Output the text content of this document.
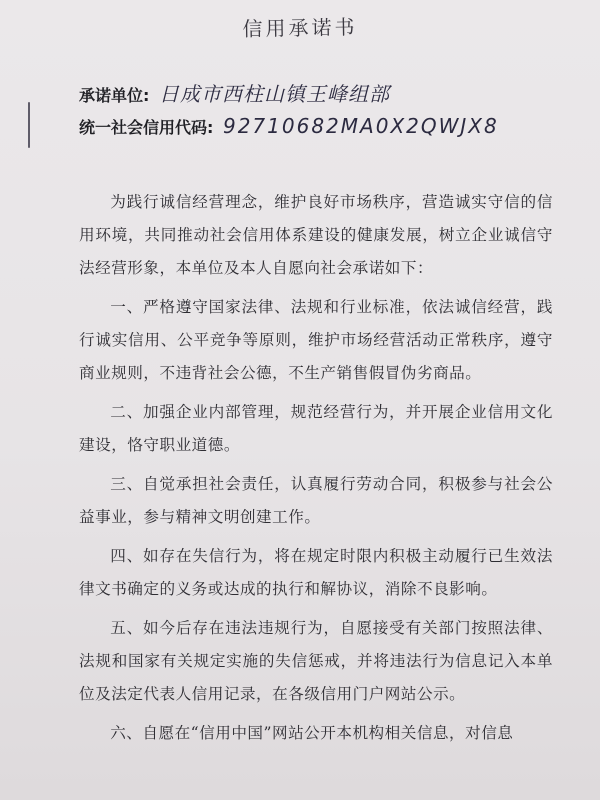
信用承诺书
承诺单位: 日成市西柱山镇王峰组部
统一社会信用代码: 92710682MA0X2QWJX8

为践行诚信经营理念，维护良好市场秩序，营造诚实守信的信用环境，共同推动社会信用体系建设的健康发展，树立企业诚信守法经营形象，本单位及本人自愿向社会承诺如下：

一、严格遵守国家法律、法规和行业标准，依法诚信经营，践行诚实信用、公平竞争等原则，维护市场经营活动正常秩序，遵守商业规则，不违背社会公德，不生产销售假冒伪劣商品。

二、加强企业内部管理，规范经营行为，并开展企业信用文化建设，恪守职业道德。

三、自觉承担社会责任，认真履行劳动合同，积极参与社会公益事业，参与精神文明创建工作。

四、如存在失信行为，将在规定时限内积极主动履行已生效法律文书确定的义务或达成的执行和解协议，消除不良影响。

五、如今后存在违法违规行为，自愿接受有关部门按照法律、法规和国家有关规定实施的失信惩戒，并将违法行为信息记入本单位及法定代表人信用记录，在各级信用门户网站公示。

六、自愿在“信用中国”网站公开本机构相关信息，对信息
